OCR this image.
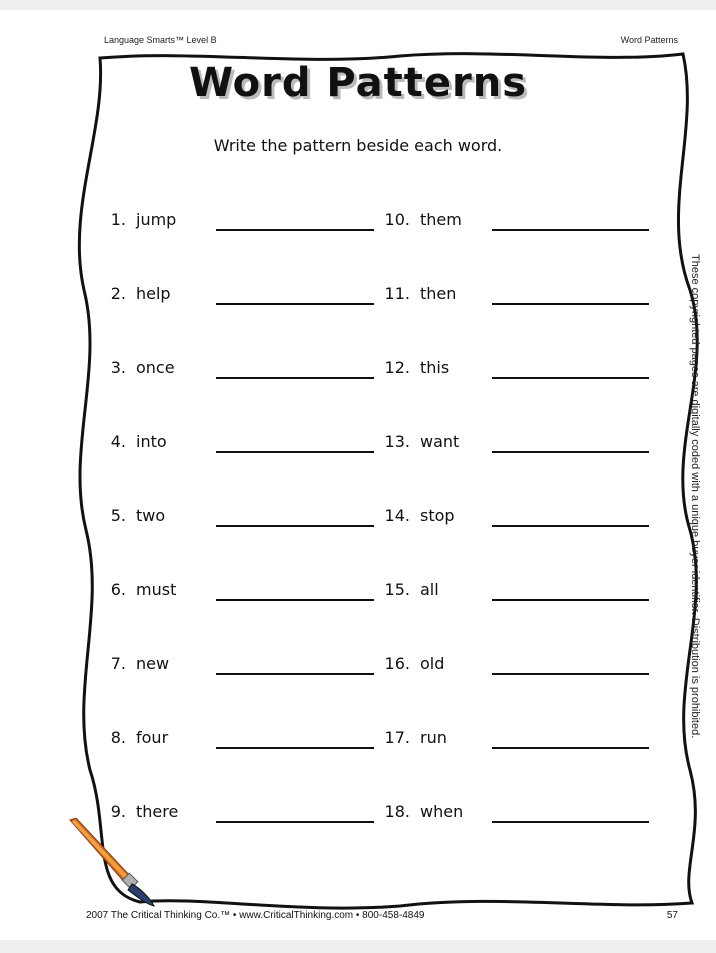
Language Smarts™ Level B	Word Patterns
Word Patterns
Write the pattern beside each word.
1. jump
2. help
3. once
4. into
5. two
6. must
7. new
8. four
9. there
10. them
11. then
12. this
13. want
14. stop
15. all
16. old
17. run
18. when
These copyrighted pages are digitally coded with a unique buyer identifier. Distribution is prohibited.
2007 The Critical Thinking Co.™ • www.CriticalThinking.com • 800-458-4849	57
